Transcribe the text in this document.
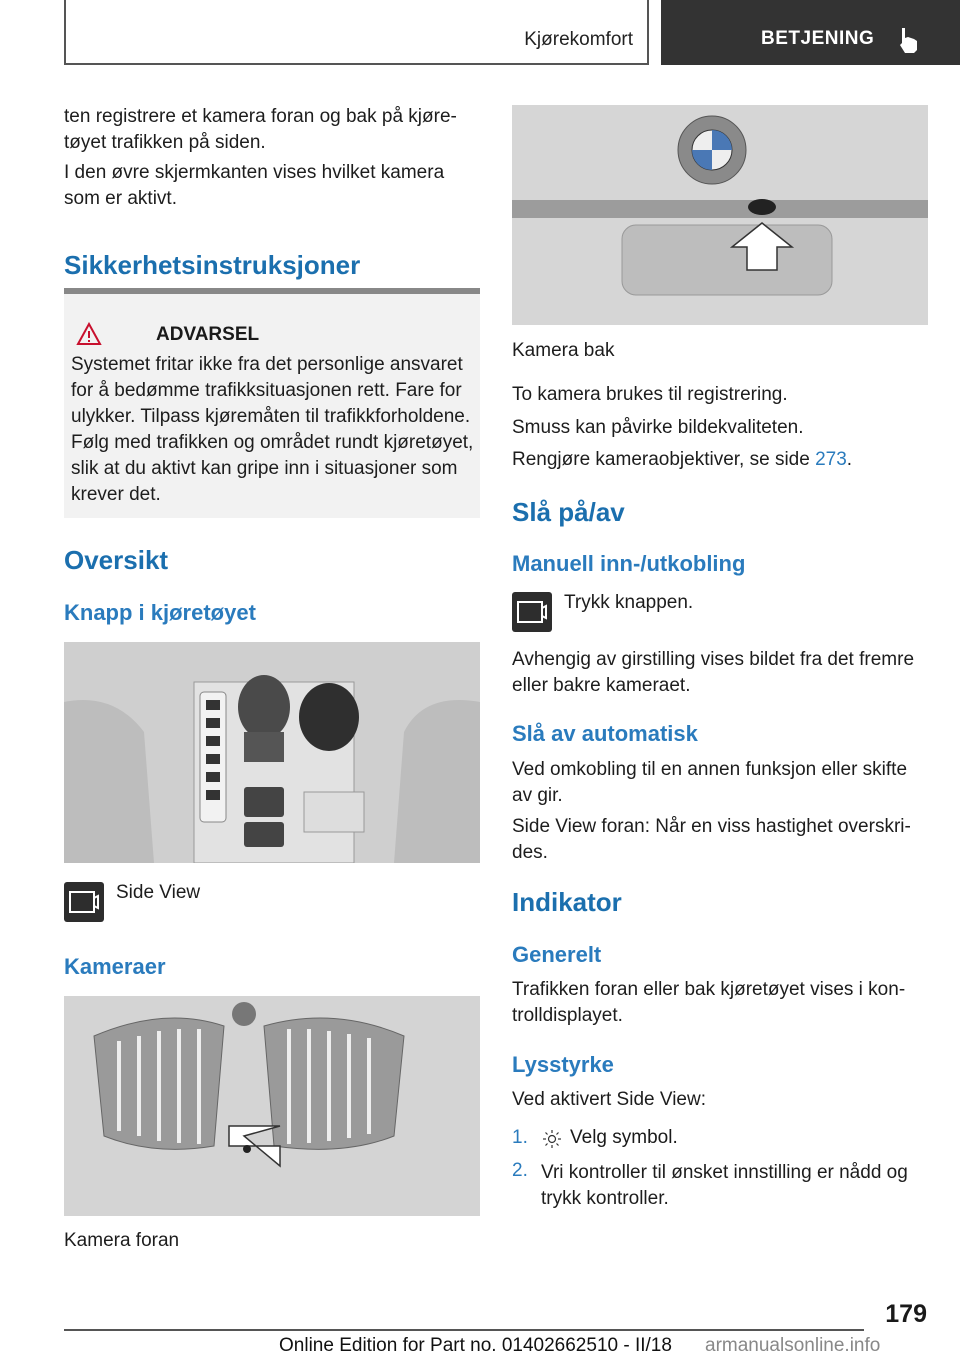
Kjørekomfort	BETJENING

ten registrere et kamera foran og bak på kjøretøyet trafikken på siden.

I den øvre skjermkanten vises hvilket kamera som er aktivt.

Sikkerhetsinstruksjoner
ADVARSEL

Systemet fritar ikke fra det personlige ansvaret for å bedømme trafikksituasjonen rett. Fare for ulykker. Tilpass kjøremåten til trafikkforholdene. Følg med trafikken og området rundt kjøretøyet, slik at du aktivt kan gripe inn i situasjoner som krever det.

Oversikt
Knapp i kjøretøyet
Side View
Kameraer
Kamera foran
Kamera bak

To kamera brukes til registrering.

Smuss kan påvirke bildekvaliteten.

Rengjøre kameraobjektiver, se side 273.

Slå på/av
Manuell inn-/utkobling
Trykk knappen.

Avhengig av girstilling vises bildet fra det fremre eller bakre kameraet.

Slå av automatisk

Ved omkobling til en annen funksjon eller skifte av gir.

Side View foran: Når en viss hastighet overskrides.

Indikator
Generelt

Trafikken foran eller bak kjøretøyet vises i kontrolldisplayet.

Lysstyrke

Ved aktivert Side View:

1. Velg symbol.
2. Vri kontroller til ønsket innstilling er nådd og trykk kontroller.

179
Online Edition for Part no. 01402662510 - II/18 armanualsonline.info
